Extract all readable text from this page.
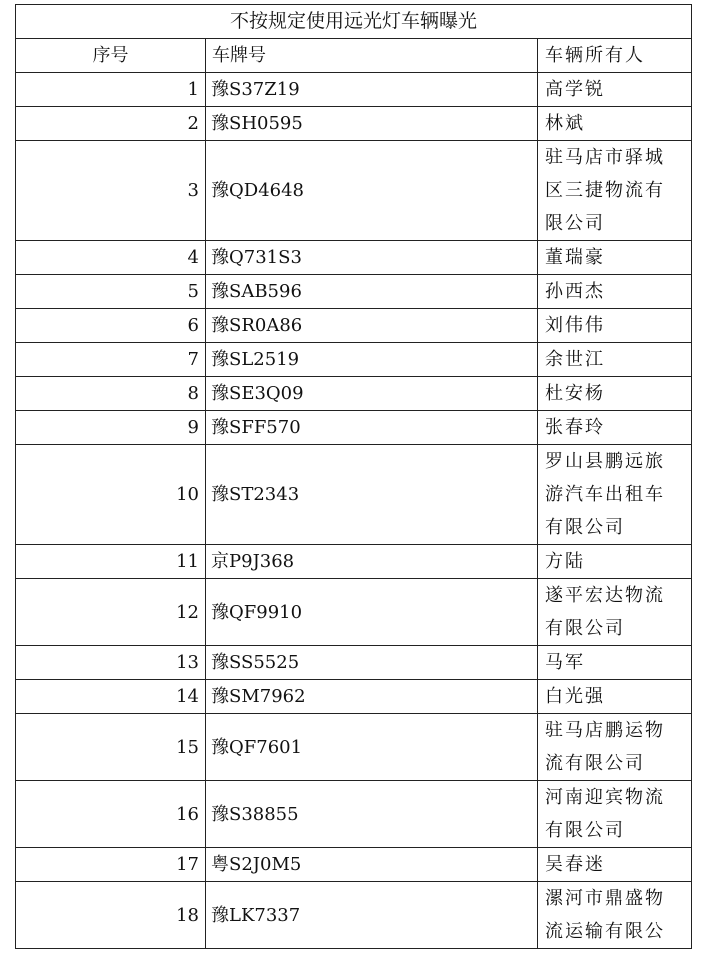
不按规定使用远光灯车辆曝光		
序号	车牌号	车辆所有人
1	豫S37Z19	高学锐

2	豫SH0595	林斌

3	豫QD4648	驻马店市驿城
区三捷物流有
限公司

4	豫Q731S3	董瑞豪

5	豫SAB596	孙西杰

6	豫SR0A86	刘伟伟

7	豫SL2519	余世江

8	豫SE3Q09	杜安杨

9	豫SFF570	张春玲

10	豫ST2343	罗山县鹏远旅
游汽车出租车
有限公司

11	京P9J368	方陆

12	豫QF9910	遂平宏达物流
有限公司

13	豫SS5525	马军

14	豫SM7962	白光强

15	豫QF7601	驻马店鹏运物
流有限公司

16	豫S38855	河南迎宾物流
有限公司

17	粤S2J0M5	吴春迷

18	豫LK7337	漯河市鼎盛物
流运输有限公
